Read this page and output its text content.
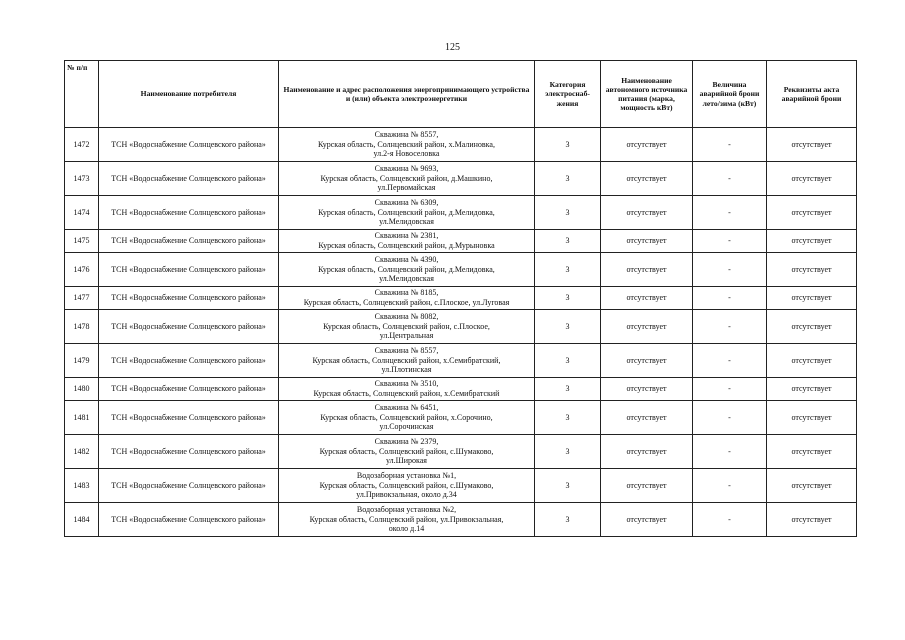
125
№ п/п	Наименование потребителя	Наименование и адрес расположения энергопринимающего устройства и (или) объекта электроэнергетики	Категория электроснаб-жения	Наименование автономного источника питания (марка, мощность кВт)	Величина аварийной брони лето/зима (кВт)	Реквизиты акта аварийной брони
1472	ТСН «Водоснабжение Солнцевского района»	Скважина № 8557,
Курская область, Солнцевский район, х.Малиновка,
ул.2-я Новоселовка	3	отсутствует	-	отсутствует
1473	ТСН «Водоснабжение Солнцевского района»	Скважина № 9693,
Курская область, Солнцевский район, д.Машкино,
ул.Первомайская	3	отсутствует	-	отсутствует
1474	ТСН «Водоснабжение Солнцевского района»	Скважина № 6309,
Курская область, Солнцевский район, д.Мелидовка,
ул.Мелидовская	3	отсутствует	-	отсутствует
1475	ТСН «Водоснабжение Солнцевского района»	Скважина № 2381,
Курская область, Солнцевский район, д.Мурыновка	3	отсутствует	-	отсутствует
1476	ТСН «Водоснабжение Солнцевского района»	Скважина № 4390,
Курская область, Солнцевский район, д.Мелидовка,
ул.Мелидовская	3	отсутствует	-	отсутствует
1477	ТСН «Водоснабжение Солнцевского района»	Скважина № 8185,
Курская область, Солнцевский район, с.Плоское, ул.Луговая	3	отсутствует	-	отсутствует
1478	ТСН «Водоснабжение Солнцевского района»	Скважина № 8082,
Курская область, Солнцевский район, с.Плоское,
ул.Центральная	3	отсутствует	-	отсутствует
1479	ТСН «Водоснабжение Солнцевского района»	Скважина № 8557,
Курская область, Солнцевский район, х.Семибратский,
ул.Плотинская	3	отсутствует	-	отсутствует
1480	ТСН «Водоснабжение Солнцевского района»	Скважина № 3510,
Курская область, Солнцевский район, х.Семибратский	3	отсутствует	-	отсутствует
1481	ТСН «Водоснабжение Солнцевского района»	Скважина № 6451,
Курская область, Солнцевский район, х.Сорочино,
ул.Сорочинская	3	отсутствует	-	отсутствует
1482	ТСН «Водоснабжение Солнцевского района»	Скважина № 2379,
Курская область, Солнцевский район, с.Шумаково,
ул.Широкая	3	отсутствует	-	отсутствует
1483	ТСН «Водоснабжение Солнцевского района»	Водозаборная установка №1,
Курская область, Солнцевский район, с.Шумаково,
ул.Привокзальная, около д.34	3	отсутствует	-	отсутствует
1484	ТСН «Водоснабжение Солнцевского района»	Водозаборная установка №2,
Курская область, Солнцевский район, ул.Привокзальная,
около д.14	3	отсутствует	-	отсутствует
